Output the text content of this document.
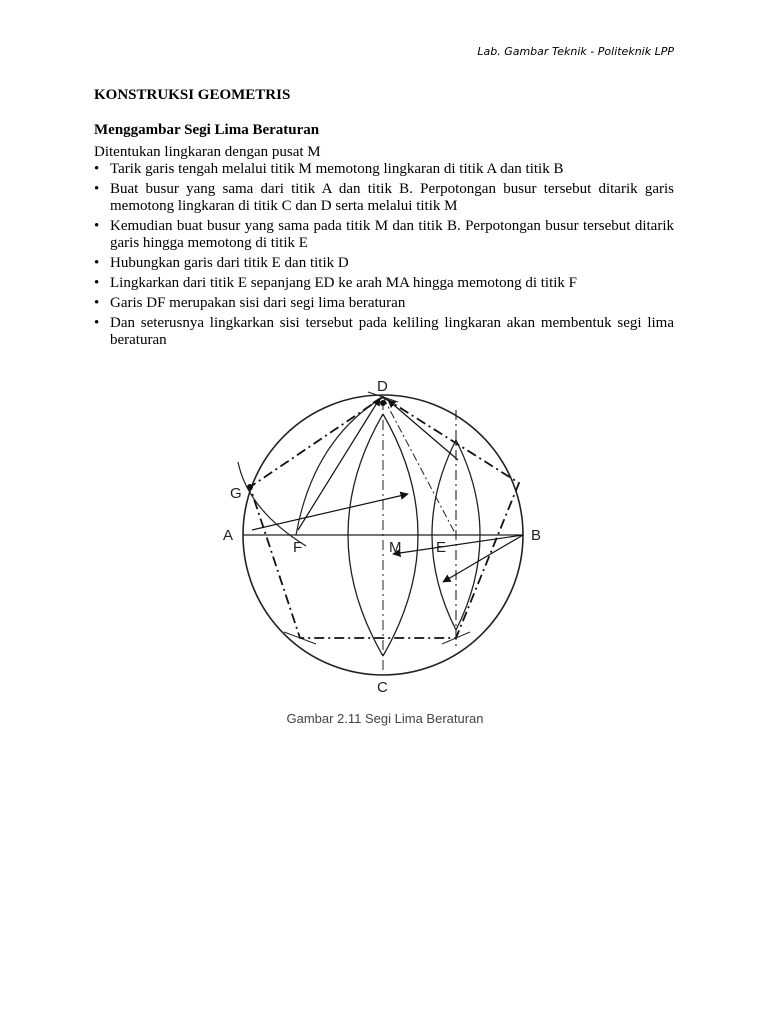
Lab. Gambar Teknik - Politeknik LPP
KONSTRUKSI GEOMETRIS
Menggambar Segi Lima Beraturan

Ditentukan lingkaran dengan pusat M

• Tarik garis tengah melalui titik M memotong lingkaran di titik A dan titik B
• Buat busur yang sama dari titik A dan titik B. Perpotongan busur tersebut ditarik garis memotong lingkaran di titik C dan D serta melalui titik M
• Kemudian buat busur yang sama pada titik M dan titik B. Perpotongan busur tersebut ditarik garis hingga memotong di titik E
• Hubungkan garis dari titik E dan titik D
• Lingkarkan dari titik E sepanjang ED ke arah MA hingga memotong di titik F
• Garis DF merupakan sisi dari segi lima beraturan
• Dan seterusnya lingkarkan sisi tersebut pada keliling lingkaran akan membentuk segi lima beraturan
D
G
A	B
F	M E
C
Gambar 2.11 Segi Lima Beraturan
